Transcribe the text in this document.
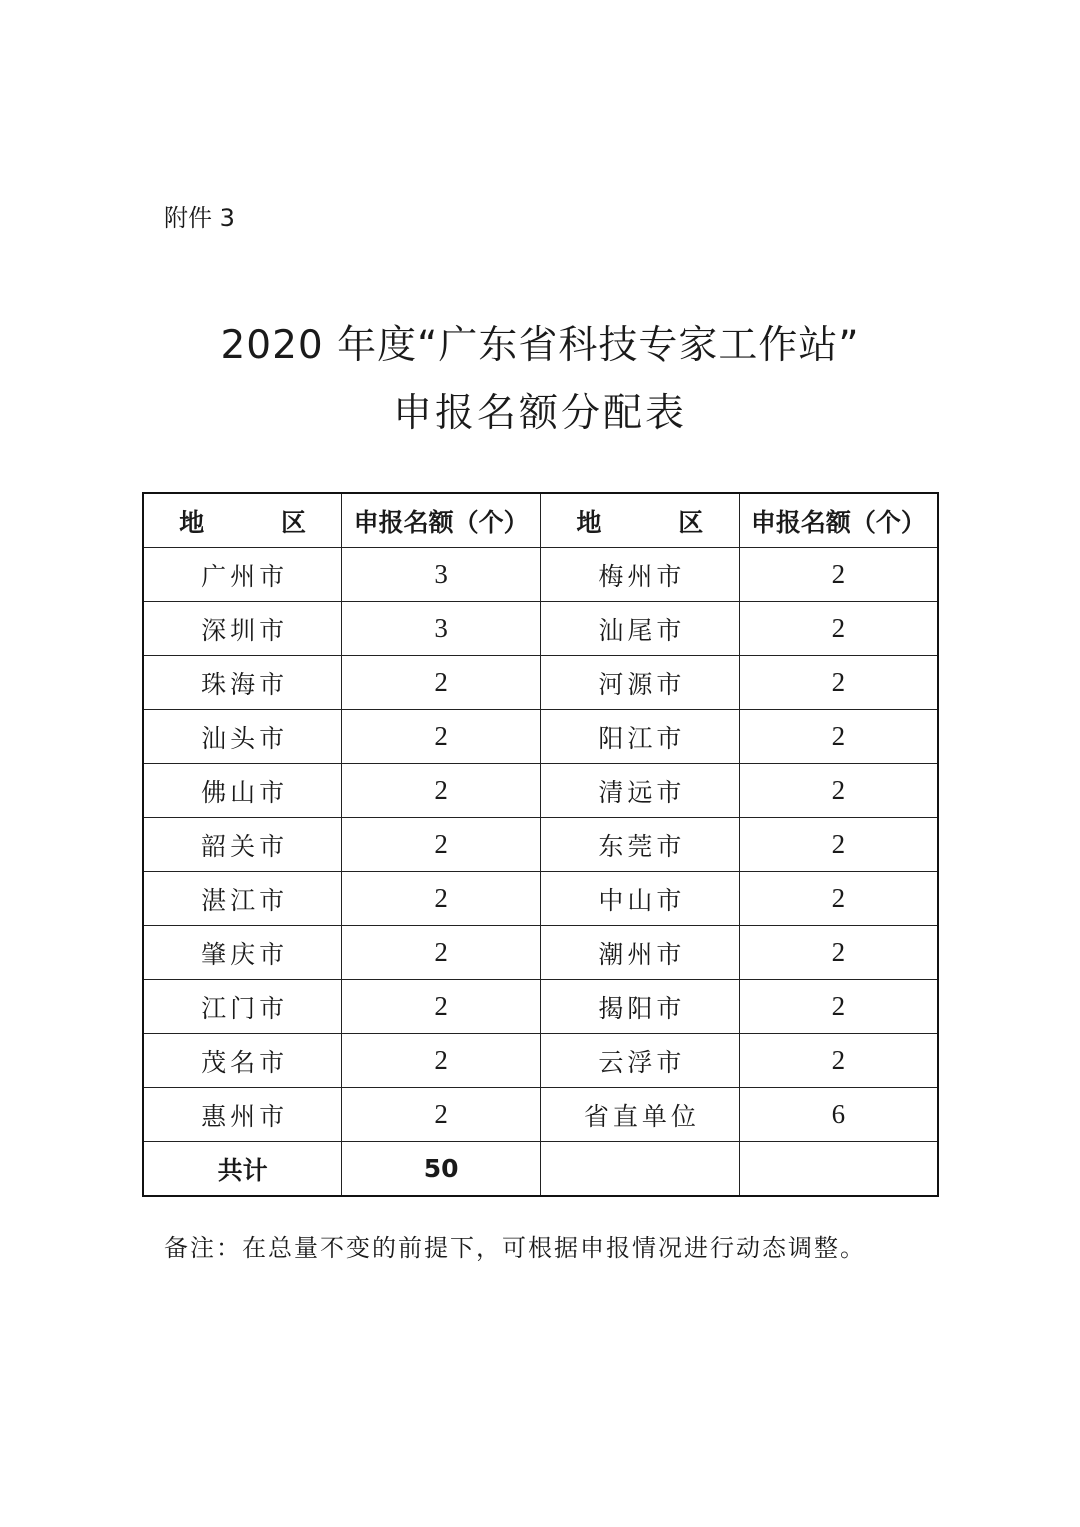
附件 3
2020 年度“广东省科技专家工作站”
申报名额分配表
地 区	申报名额（个）	地 区	申报名额（个）
广州市	3	梅州市	2
深圳市	3	汕尾市	2
珠海市	2	河源市	2
汕头市	2	阳江市	2
佛山市	2	清远市	2
韶关市	2	东莞市	2
湛江市	2	中山市	2
肇庆市	2	潮州市	2
江门市	2	揭阳市	2
茂名市	2	云浮市	2
惠州市	2	省直单位	6
共计	50		
备注：在总量不变的前提下，可根据申报情况进行动态调整。
